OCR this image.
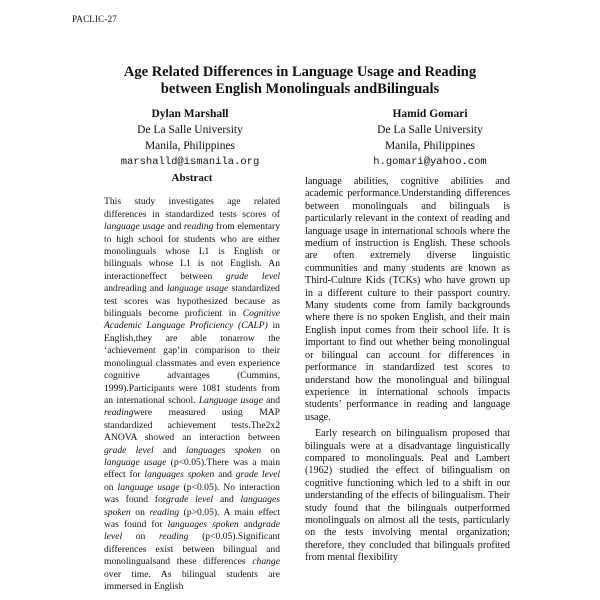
PACLIC-27
Age Related Differences in Language Usage and Reading
between English Monolinguals andBilinguals
Dylan Marshall
De La Salle University
Manila, Philippines
marshalld@ismanila.org
Hamid Gomari
De La Salle University
Manila, Philippines
h.gomari@yahoo.com
Abstract

This study investigates age related differences in standardized tests scores of language usage and reading from elementary to high school for students who are either monolinguals whose L1 is English or bilinguals whose L1 is not English. An interactioneffect between grade level andreading and language usage standardized test scores was hypothesized because as bilinguals become proficient in Cognitive Academic Language Proficiency (CALP) in English,they are able tonarrow the ‘achievement gap’in comparison to their monolingual classmates and even experience cognitive advantages (Cummins, 1999).Participants were 1081 students from an international school. Language usage and readingwere measured using MAP standardized achievement tests.The2x2 ANOVA showed an interaction between grade level and languages spoken on language usage (p<0.05).There was a main effect for languages spoken and grade level on language usage (p<0.05). No interaction was found forgrade level and languages spoken on reading (p>0.05). A main effect was found for languages spoken andgrade level on reading (p<0.05).Significant differences exist between bilingual and monolingualsand these differences change over time. As bilingual students are immersed in English

language abilities, cognitive abilities and academic performance.Understanding differences between monolinguals and bilinguals is particularly relevant in the context of reading and language usage in international schools where the medium of instruction is English. These schools are often extremely diverse linguistic communities and many students are known as Third-Culture Kids (TCKs) who have grown up in a different culture to their passport country. Many students come from family backgrounds where there is no spoken English, and their main English input comes from their school life. It is important to find out whether being monolingual or bilingual can account for differences in performance in standardized test scores to understand how the monolingual and bilingual experience in international schools impacts students’ performance in reading and language usage.

Early research on bilingualism proposed that bilinguals were at a disadvantage linguistically compared to monolinguals. Peal and Lambert (1962) studied the effect of bilingualism on cognitive functioning which led to a shift in our understanding of the effects of bilingualism. Their study found that the bilinguals outperformed monolinguals on almost all the tests, particularly on the tests involving mental organization; therefore, they concluded that bilinguals profited from mental flexibility
